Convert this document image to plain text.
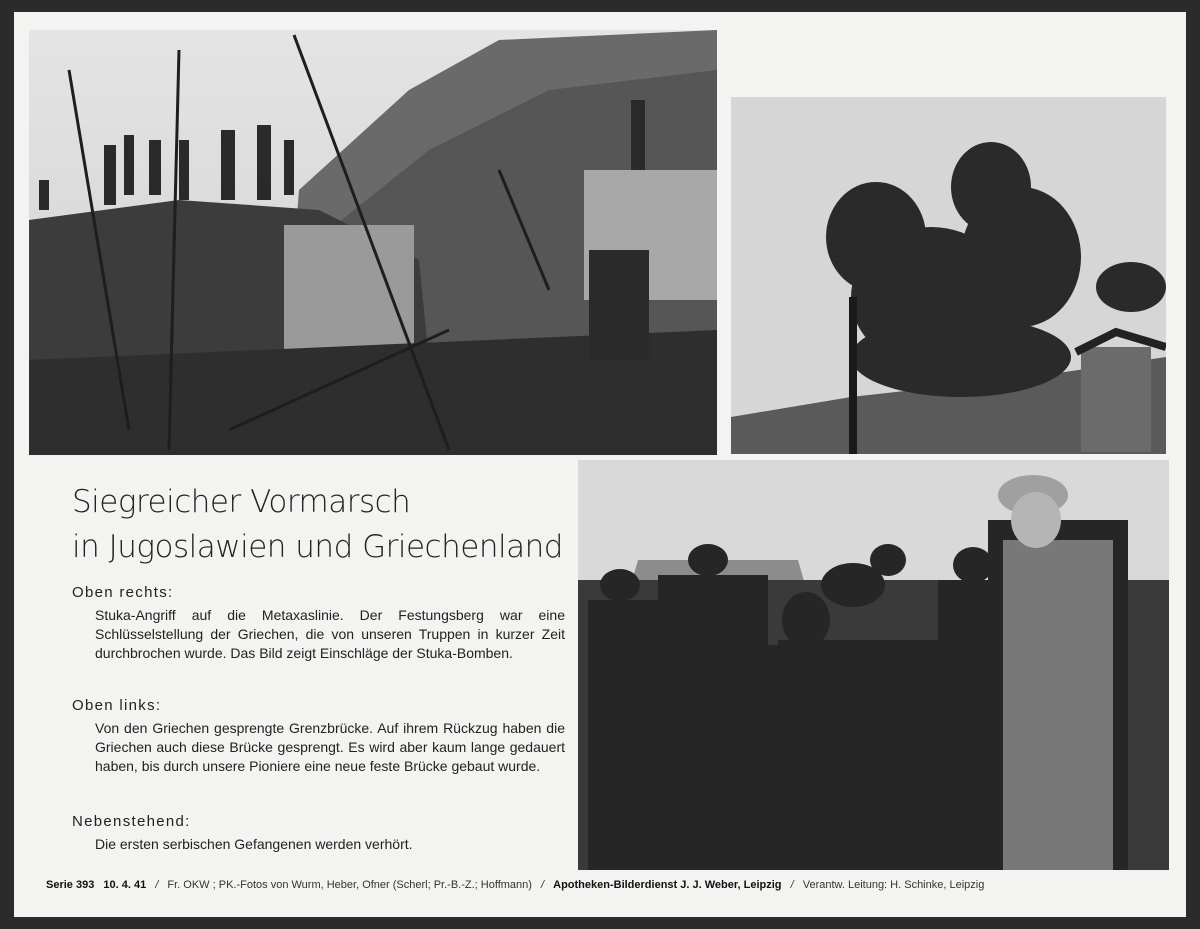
Siegreicher Vormarsch
in Jugoslawien und Griechenland
Oben rechts:
Stuka-Angriff auf die Metaxaslinie. Der Festungsberg war eine Schlüsselstellung der Griechen, die von unseren Truppen in kurzer Zeit durchbrochen wurde. Das Bild zeigt Einschläge der Stuka-Bomben.
Oben links:
Von den Griechen gesprengte Grenzbrücke. Auf ihrem Rückzug haben die Griechen auch diese Brücke gesprengt. Es wird aber kaum lange gedauert haben, bis durch unsere Pioniere eine neue feste Brücke gebaut wurde.
Nebenstehend:
Die ersten serbischen Gefangenen werden verhört.
Serie 393 10. 4. 41 / Fr. OKW ; PK.-Fotos von Wurm, Heber, Ofner (Scherl; Pr.-B.-Z.; Hoffmann) / Apotheken-Bilderdienst J. J. Weber, Leipzig / Verantw. Leitung: H. Schinke, Leipzig
